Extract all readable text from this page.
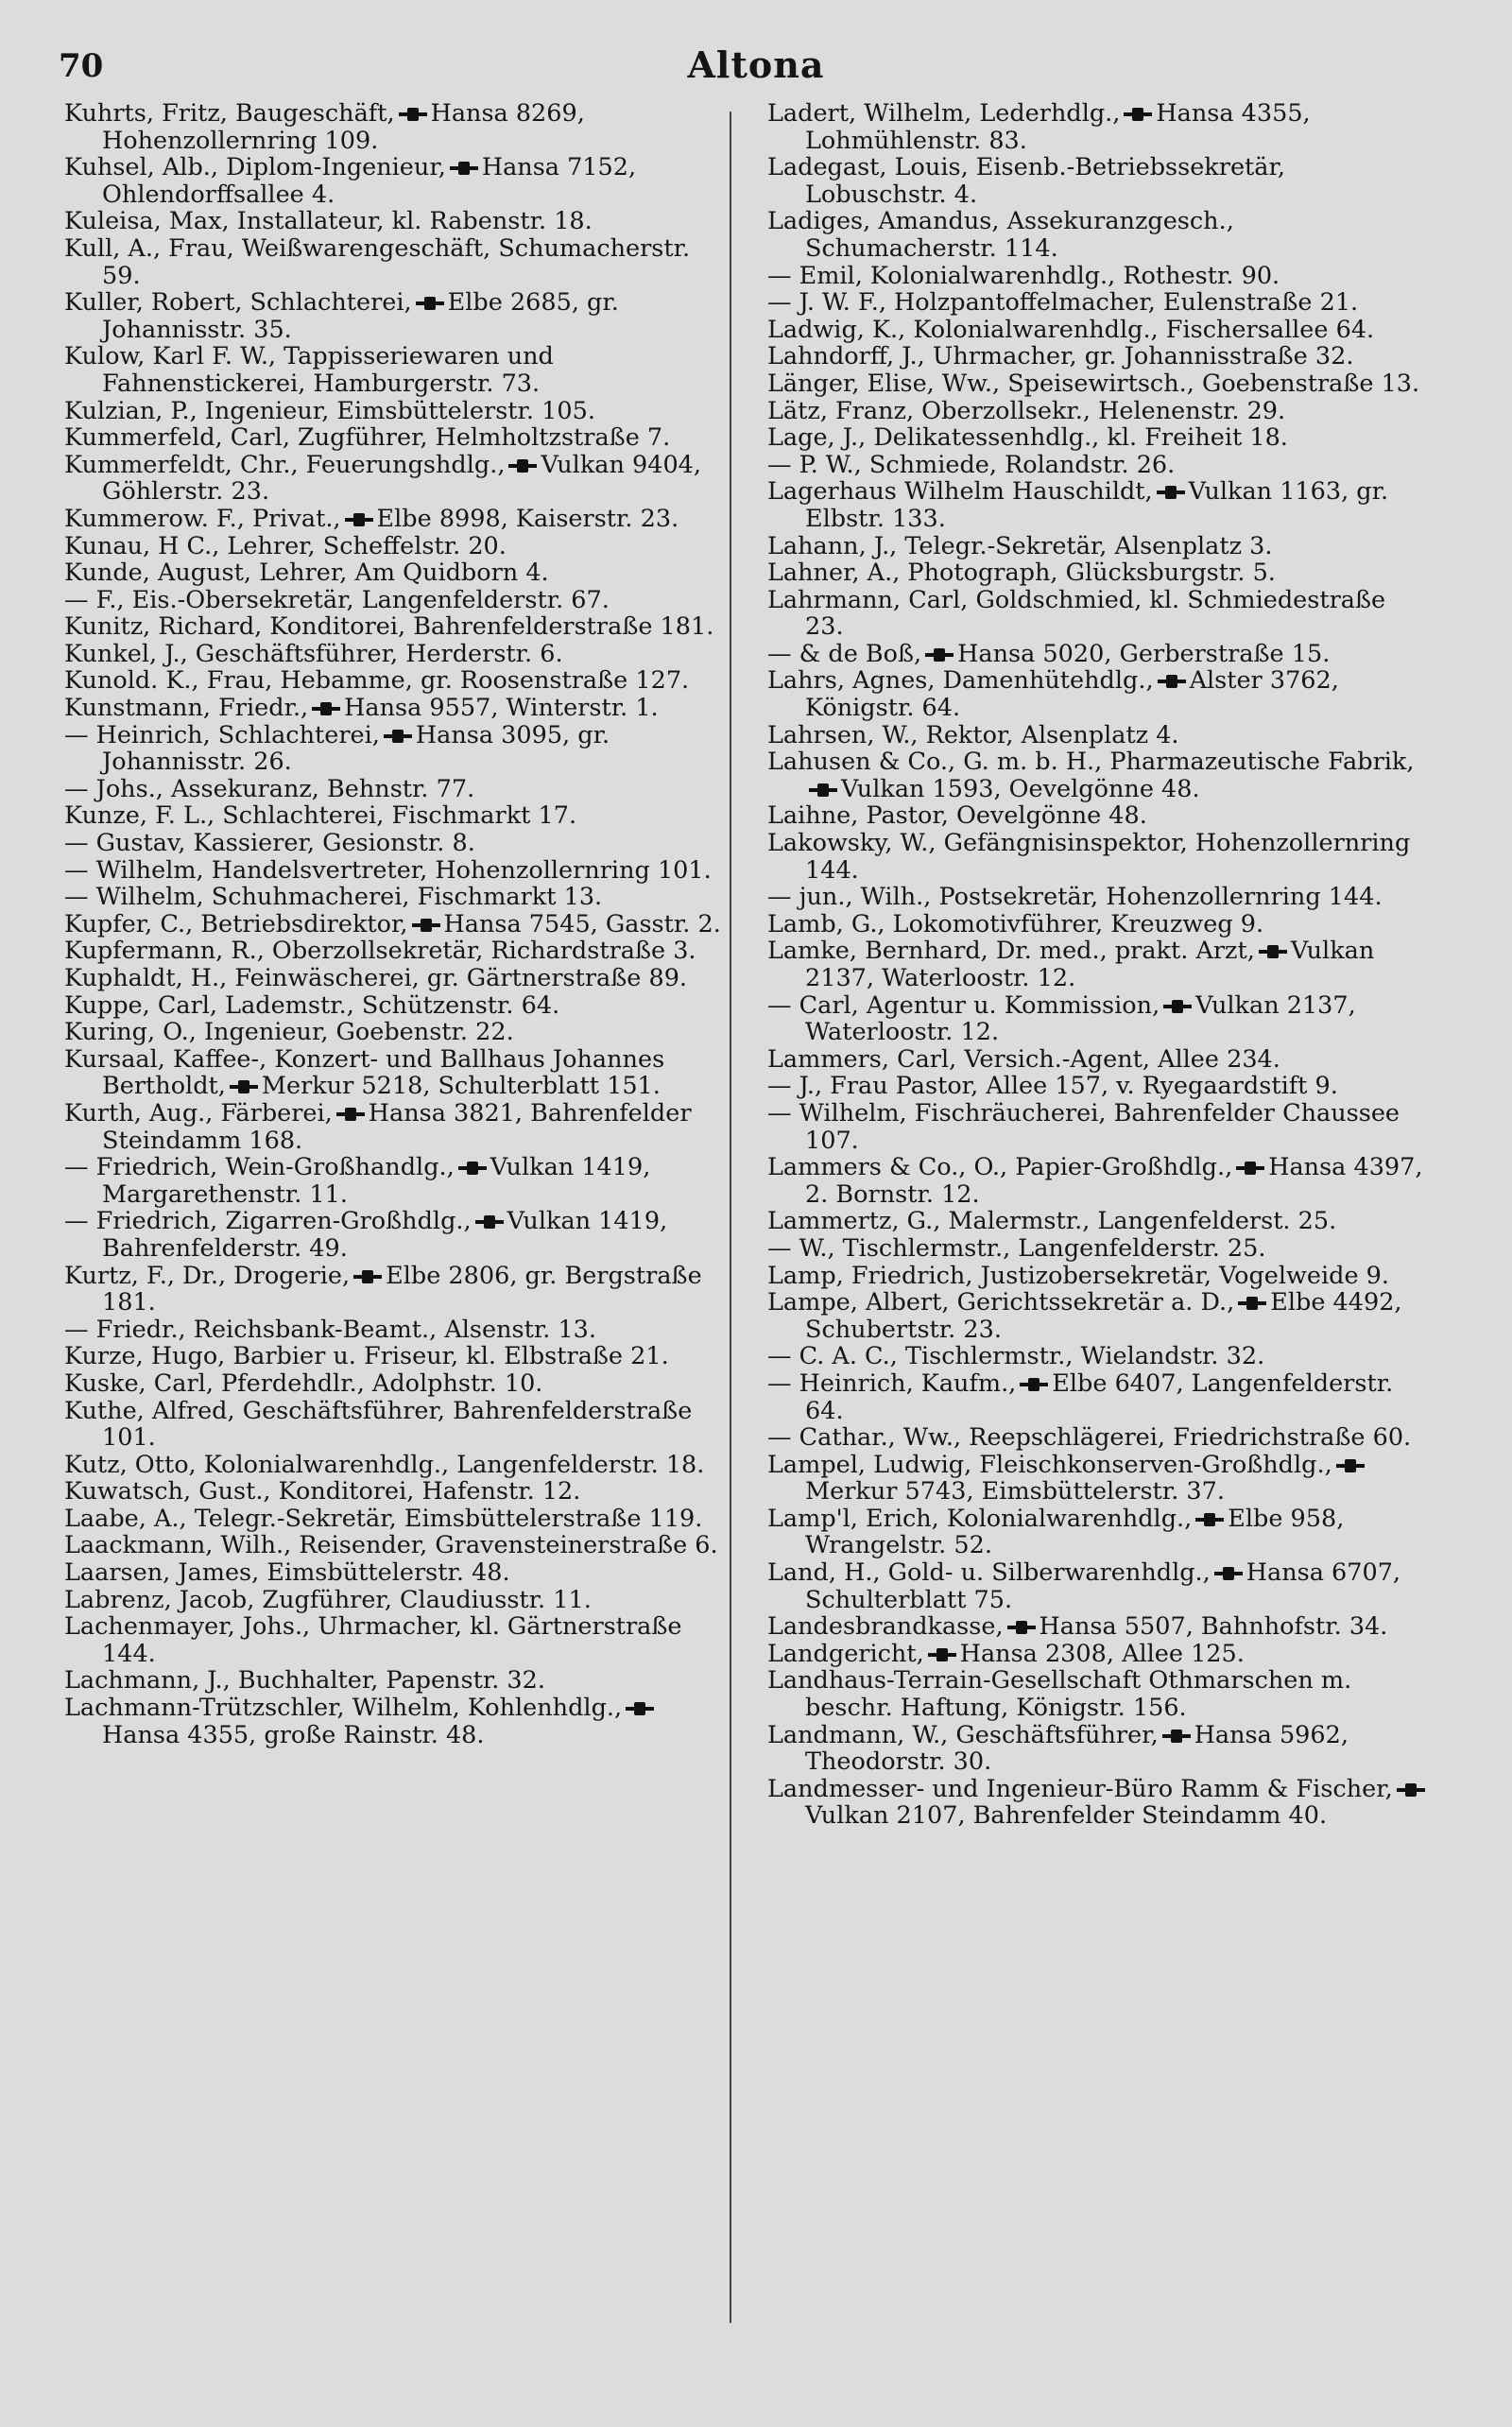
70	Altona

Kuhrts, Fritz, Baugeschäft, Hansa 8269, Hohenzollernring 109.

Kuhsel, Alb., Diplom-Ingenieur, Hansa 7152, Ohlendorffsallee 4.

Kuleisa, Max, Installateur, kl. Rabenstr. 18.

Kull, A., Frau, Weißwarengeschäft, Schumacherstr. 59.

Kuller, Robert, Schlachterei, Elbe 2685, gr. Johannisstr. 35.

Kulow, Karl F. W., Tappisseriewaren und Fahnenstickerei, Hamburgerstr. 73.

Kulzian, P., Ingenieur, Eimsbüttelerstr. 105.

Kummerfeld, Carl, Zugführer, Helmholtzstraße 7.

Kummerfeldt, Chr., Feuerungshdlg., Vulkan 9404, Göhlerstr. 23.

Kummerow. F., Privat., Elbe 8998, Kaiserstr. 23.

Kunau, H C., Lehrer, Scheffelstr. 20.

Kunde, August, Lehrer, Am Quidborn 4.

— F., Eis.-Obersekretär, Langenfelderstr. 67.

Kunitz, Richard, Konditorei, Bahrenfelderstraße 181.

Kunkel, J., Geschäftsführer, Herderstr. 6.

Kunold. K., Frau, Hebamme, gr. Roosenstraße 127.

Kunstmann, Friedr., Hansa 9557, Winterstr. 1.

— Heinrich, Schlachterei, Hansa 3095, gr. Johannisstr. 26.

— Johs., Assekuranz, Behnstr. 77.

Kunze, F. L., Schlachterei, Fischmarkt 17.

— Gustav, Kassierer, Gesionstr. 8.

— Wilhelm, Handelsvertreter, Hohenzollernring 101.

— Wilhelm, Schuhmacherei, Fischmarkt 13.

Kupfer, C., Betriebsdirektor, Hansa 7545, Gasstr. 2.

Kupfermann, R., Oberzollsekretär, Richardstraße 3.

Kuphaldt, H., Feinwäscherei, gr. Gärtnerstraße 89.

Kuppe, Carl, Lademstr., Schützenstr. 64.

Kuring, O., Ingenieur, Goebenstr. 22.

Kursaal, Kaffee-, Konzert- und Ballhaus Johannes Bertholdt, Merkur 5218, Schulterblatt 151.

Kurth, Aug., Färberei, Hansa 3821, Bahrenfelder Steindamm 168.

— Friedrich, Wein-Großhandlg., Vulkan 1419, Margarethenstr. 11.

— Friedrich, Zigarren-Großhdlg., Vulkan 1419, Bahrenfelderstr. 49.

Kurtz, F., Dr., Drogerie, Elbe 2806, gr. Bergstraße 181.

— Friedr., Reichsbank-Beamt., Alsenstr. 13.

Kurze, Hugo, Barbier u. Friseur, kl. Elbstraße 21.

Kuske, Carl, Pferdehdlr., Adolphstr. 10.

Kuthe, Alfred, Geschäftsführer, Bahrenfelderstraße 101.

Kutz, Otto, Kolonialwarenhdlg., Langenfelderstr. 18.

Kuwatsch, Gust., Konditorei, Hafenstr. 12.

Laabe, A., Telegr.-Sekretär, Eimsbüttelerstraße 119.

Laackmann, Wilh., Reisender, Gravensteinerstraße 6.

Laarsen, James, Eimsbüttelerstr. 48.

Labrenz, Jacob, Zugführer, Claudiusstr. 11.

Lachenmayer, Johs., Uhrmacher, kl. Gärtnerstraße 144.

Lachmann, J., Buchhalter, Papenstr. 32.

Lachmann-Trützschler, Wilhelm, Kohlenhdlg.,Hansa 4355, große Rainstr. 48.

Ladert, Wilhelm, Lederhdlg., Hansa 4355, Lohmühlenstr. 83.

Ladegast, Louis, Eisenb.-Betriebssekretär, Lobuschstr. 4.

Ladiges, Amandus, Assekuranzgesch., Schumacherstr. 114.

— Emil, Kolonialwarenhdlg., Rothestr. 90.

— J. W. F., Holzpantoffelmacher, Eulenstraße 21.

Ladwig, K., Kolonialwarenhdlg., Fischersallee 64.

Lahndorff, J., Uhrmacher, gr. Johannisstraße 32.

Länger, Elise, Ww., Speisewirtsch., Goebenstraße 13.

Lätz, Franz, Oberzollsekr., Helenenstr. 29.

Lage, J., Delikatessenhdlg., kl. Freiheit 18.

— P. W., Schmiede, Rolandstr. 26.

Lagerhaus Wilhelm Hauschildt, Vulkan 1163, gr. Elbstr. 133.

Lahann, J., Telegr.-Sekretär, Alsenplatz 3.

Lahner, A., Photograph, Glücksburgstr. 5.

Lahrmann, Carl, Goldschmied, kl. Schmiedestraße 23.

— & de Boß, Hansa 5020, Gerberstraße 15.

Lahrs, Agnes, Damenhütehdlg., Alster 3762, Königstr. 64.

Lahrsen, W., Rektor, Alsenplatz 4.

Lahusen & Co., G. m. b. H., Pharmazeutische Fabrik,Vulkan 1593, Oevelgönne 48.

Laihne, Pastor, Oevelgönne 48.

Lakowsky, W., Gefängnisinspektor, Hohenzollernring 144.

— jun., Wilh., Postsekretär, Hohenzollernring 144.

Lamb, G., Lokomotivführer, Kreuzweg 9.

Lamke, Bernhard, Dr. med., prakt. Arzt, Vulkan 2137, Waterloostr. 12.

— Carl, Agentur u. Kommission, Vulkan 2137, Waterloostr. 12.

Lammers, Carl, Versich.-Agent, Allee 234.

— J., Frau Pastor, Allee 157, v. Ryegaardstift 9.

— Wilhelm, Fischräucherei, Bahrenfelder Chaussee 107.

Lammers & Co., O., Papier-Großhdlg., Hansa 4397, 2. Bornstr. 12.

Lammertz, G., Malermstr., Langenfelderst. 25.

— W., Tischlermstr., Langenfelderstr. 25.

Lamp, Friedrich, Justizobersekretär, Vogelweide 9.

Lampe, Albert, Gerichtssekretär a. D., Elbe 4492, Schubertstr. 23.

— C. A. C., Tischlermstr., Wielandstr. 32.

— Heinrich, Kaufm., Elbe 6407, Langenfelderstr. 64.

— Cathar., Ww., Reepschlägerei, Friedrichstraße 60.

Lampel, Ludwig, Fleischkonserven-Großhdlg.,Merkur 5743, Eimsbüttelerstr. 37.

Lamp'l, Erich, Kolonialwarenhdlg., Elbe 958, Wrangelstr. 52.

Land, H., Gold- u. Silberwarenhdlg., Hansa 6707, Schulterblatt 75.

Landesbrandkasse, Hansa 5507, Bahnhofstr. 34.

Landgericht, Hansa 2308, Allee 125.

Landhaus-Terrain-Gesellschaft Othmarschen m. beschr. Haftung, Königstr. 156.

Landmann, W., Geschäftsführer, Hansa 5962, Theodorstr. 30.

Landmesser- und Ingenieur-Büro Ramm & Fischer,Vulkan 2107, Bahrenfelder Steindamm 40.
